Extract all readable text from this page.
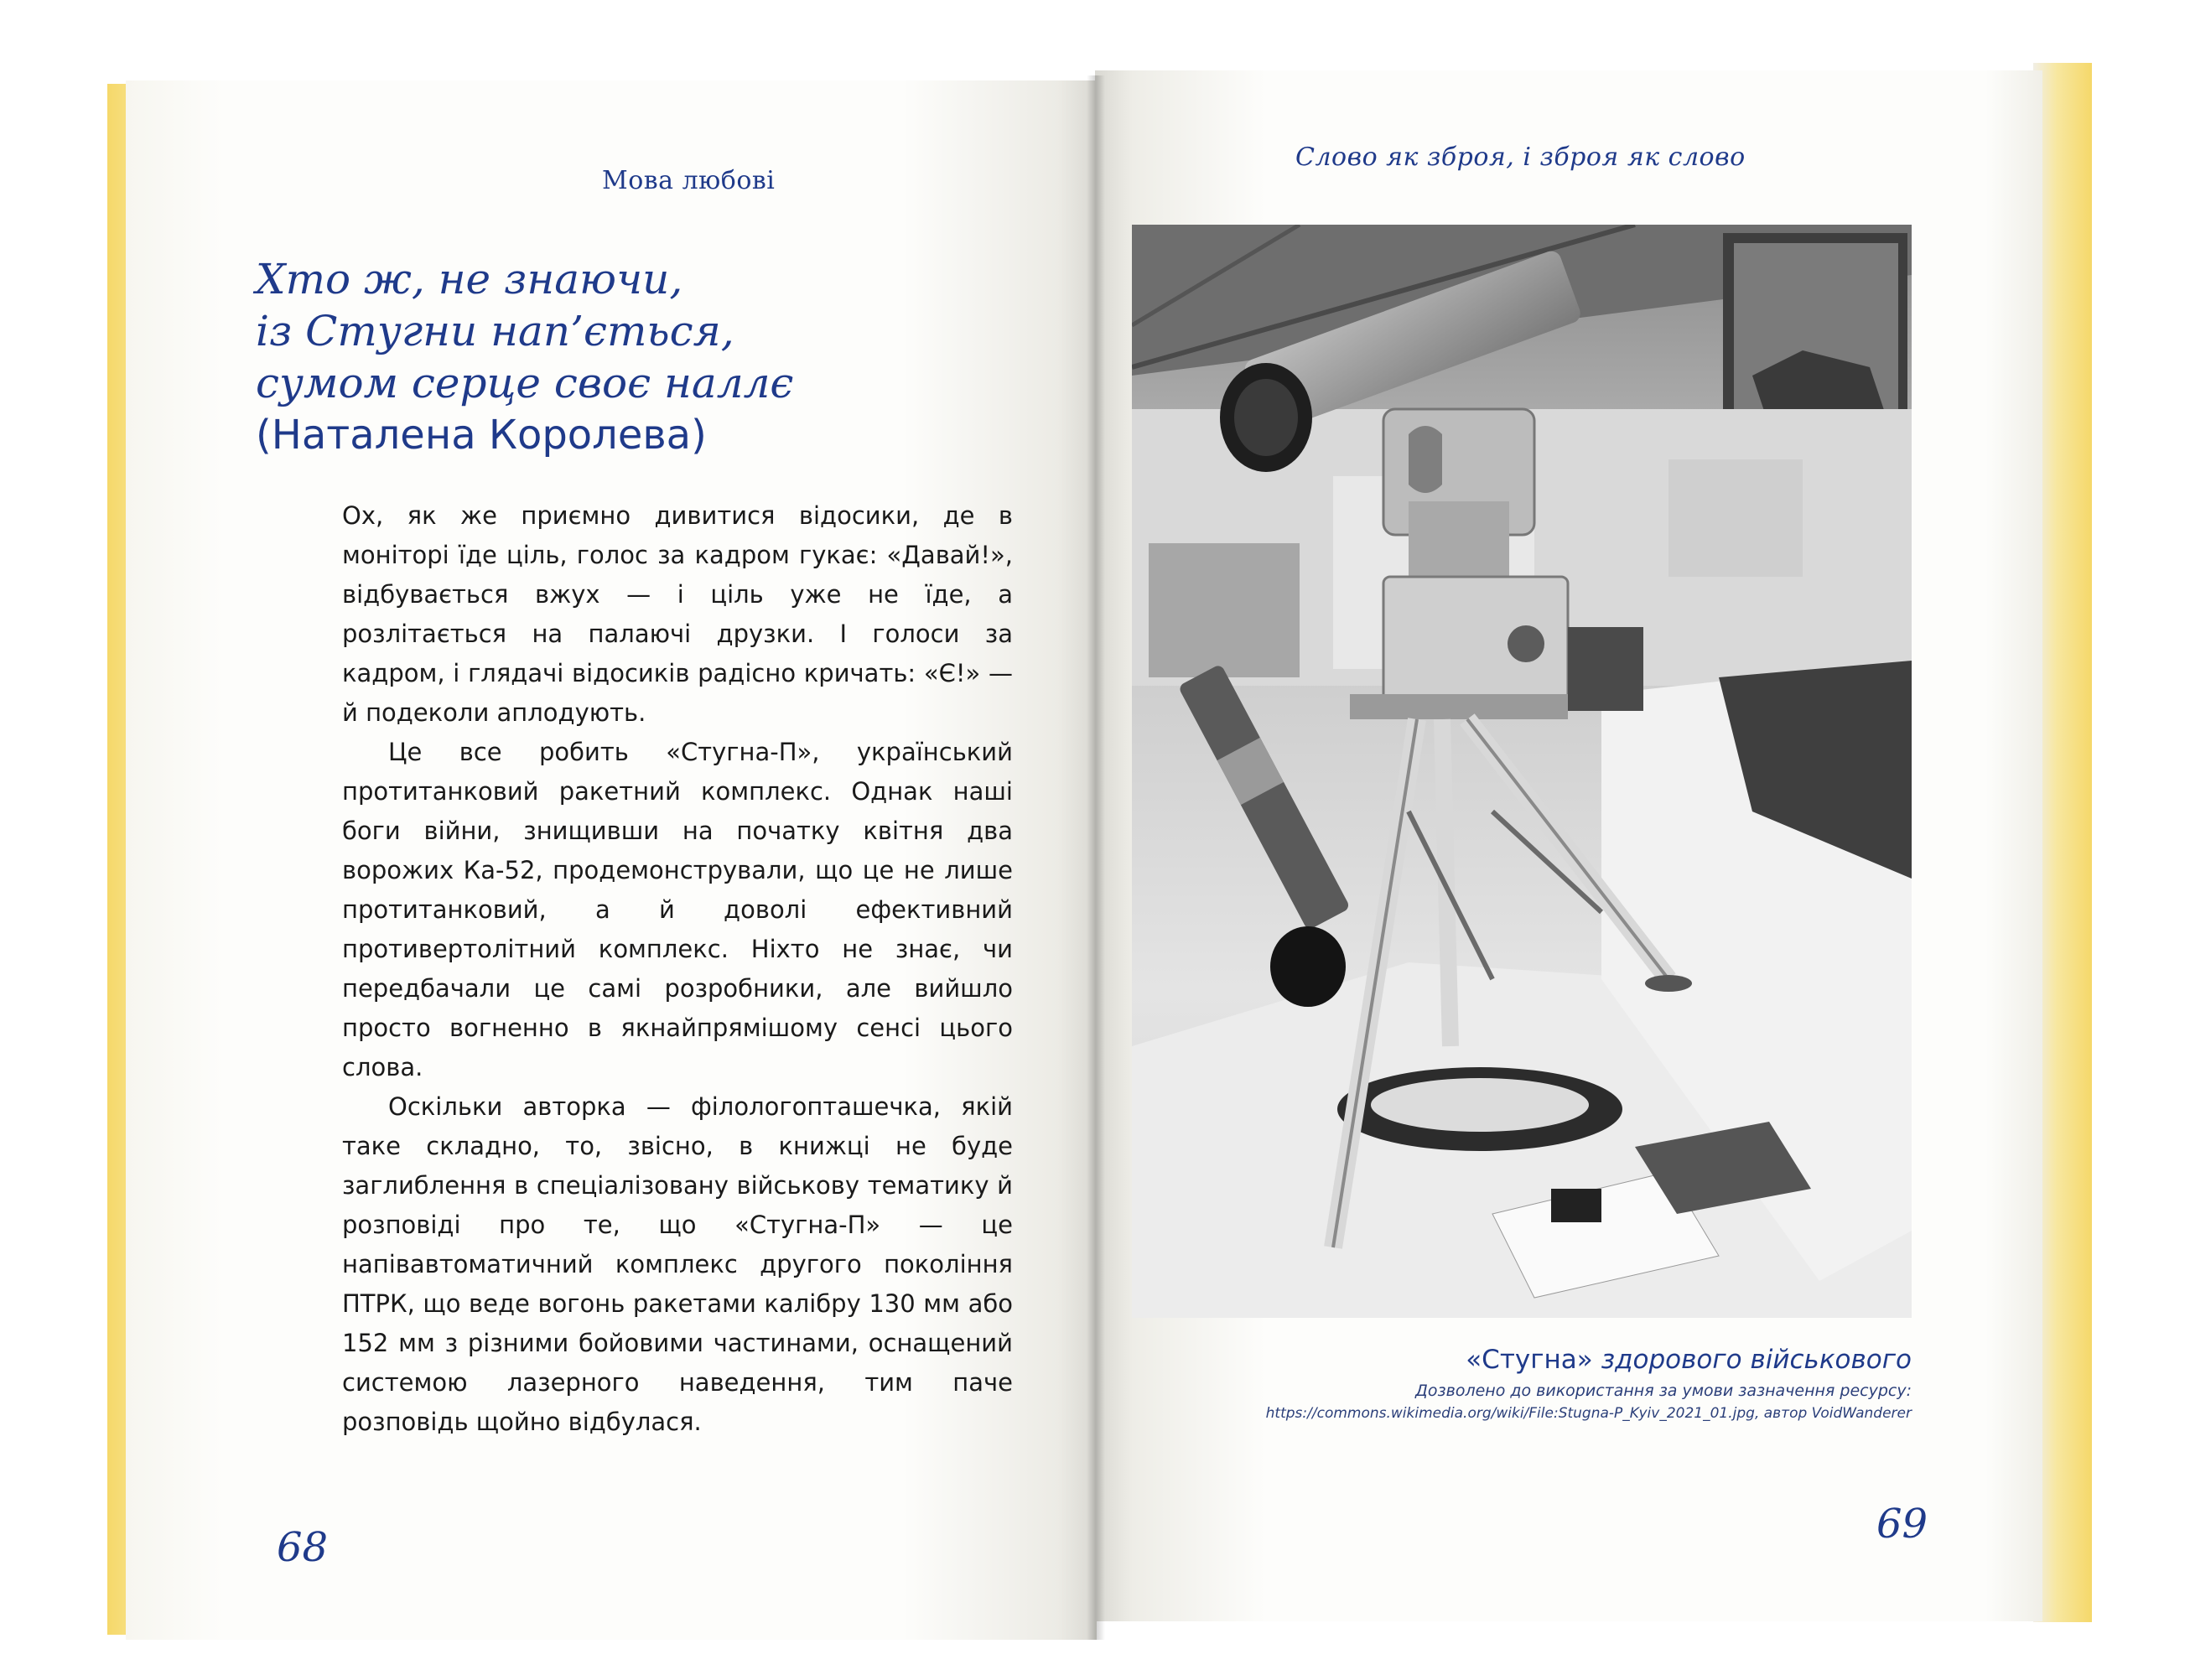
Мова любові
Хто ж, не знаючи,
із Стугни нап’ється,
сумом серце своє наллє
(Наталена Королева)

Ох, як же приємно дивитися відосики, де в моніторі їде ціль, голос за кадром гукає: «Давай!», відбувається вжух — і ціль уже не їде, а розлітається на палаючі друзки. І голоси за кадром, і глядачі відосиків радісно кричать: «Є!» — й подеколи аплодують.

Це все робить «Стугна-П», український протитанковий ракетний комплекс. Однак наші боги війни, знищивши на початку квітня два ворожих Ка-52, продемонстрували, що це не лише протитанковий, а й доволі ефективний противертолітний комплекс. Ніхто не знає, чи передбачали це самі розробники, але вийшло просто вогненно в якнайпрямішому сенсі цього слова.

Оскільки авторка — філологопташечка, якій таке складно, то, звісно, в книжці не буде заглиблення в спеціалізовану військову тематику й розповіді про те, що «Стугна-П» — це напівавтоматичний комплекс другого покоління ПТРК, що веде вогонь ракетами калібру 130 мм або 152 мм з різними бойовими частинами, оснащений системою лазерного наведення, тим паче розповідь щойно відбулася.

68
Слово як зброя, і зброя як слово
«Стугна» здорового військового
Дозволено до використання за умови зазначення ресурсу:
https://commons.wikimedia.org/wiki/File:Stugna-P_Kyiv_2021_01.jpg, автор VoidWanderer
69
